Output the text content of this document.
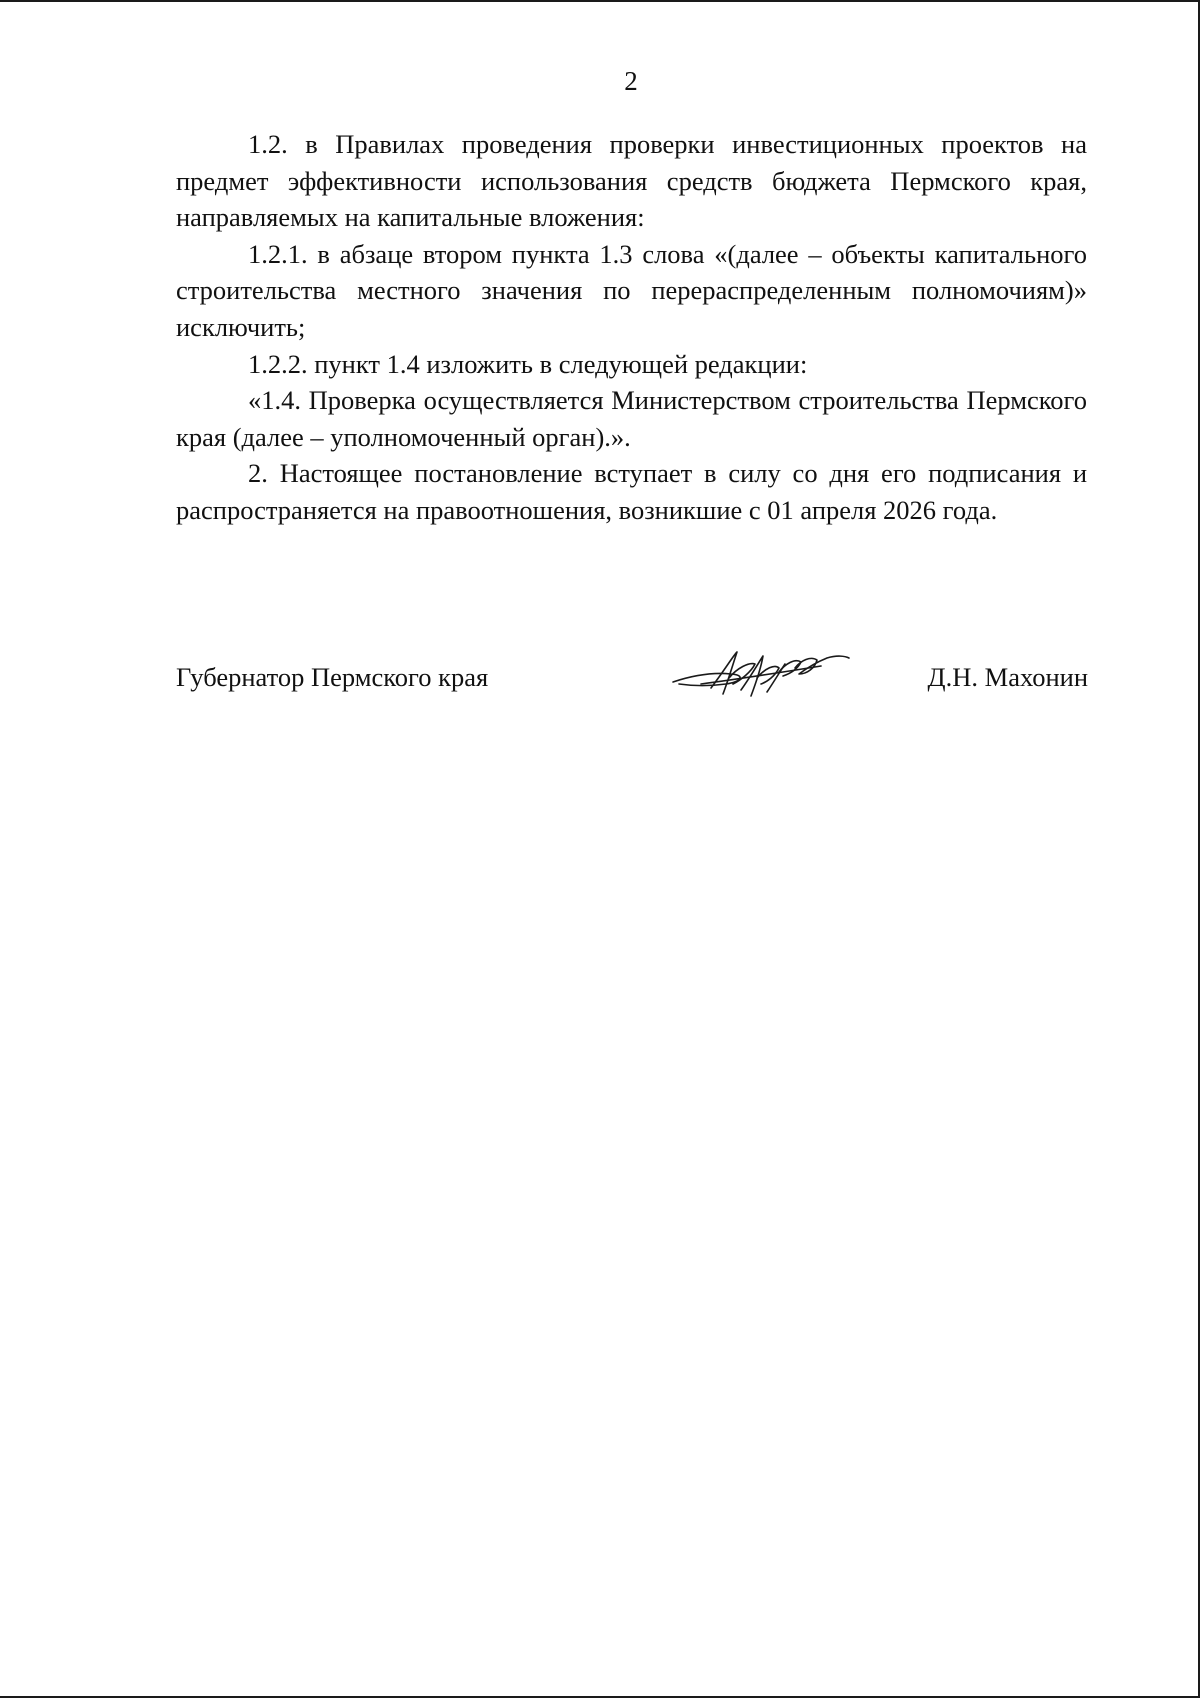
2

1.2. в Правилах проведения проверки инвестиционных проектов на предмет эффективности использования средств бюджета Пермского края, направляемых на капитальные вложения:

1.2.1. в абзаце втором пункта 1.3 слова «(далее – объекты капитального строительства местного значения по перераспределенным полномочиям)» исключить;

1.2.2. пункт 1.4 изложить в следующей редакции:

«1.4. Проверка осуществляется Министерством строительства Пермского края (далее – уполномоченный орган).».

2. Настоящее постановление вступает в силу со дня его подписания и распространяется на правоотношения, возникшие с 01 апреля 2026 года.

Губернатор Пермского края	Д.Н. Махонин
